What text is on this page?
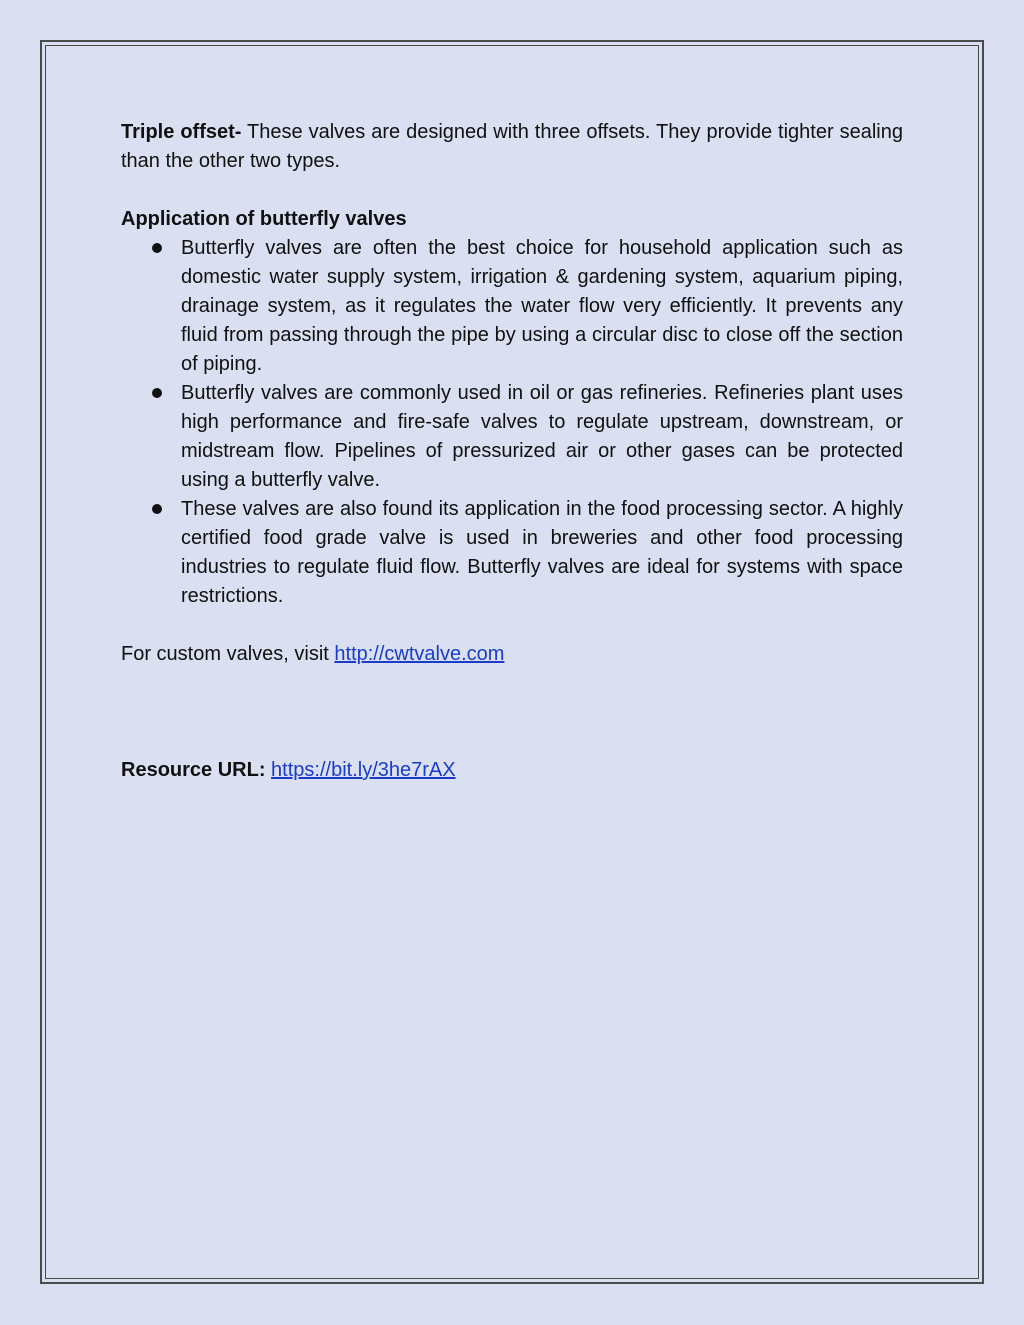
Triple offset- These valves are designed with three offsets. They provide tighter sealing than the other two types.

Application of butterfly valves

Butterfly valves are often the best choice for household application such as domestic water supply system, irrigation & gardening system, aquarium piping, drainage system, as it regulates the water flow very efficiently. It prevents any fluid from passing through the pipe by using a circular disc to close off the section of piping.
Butterfly valves are commonly used in oil or gas refineries. Refineries plant uses high performance and fire-safe valves to regulate upstream, downstream, or midstream flow. Pipelines of pressurized air or other gases can be protected using a butterfly valve.
These valves are also found its application in the food processing sector. A highly certified food grade valve is used in breweries and other food processing industries to regulate fluid flow. Butterfly valves are ideal for systems with space restrictions.

For custom valves, visit http://cwtvalve.com

Resource URL: https://bit.ly/3he7rAX
